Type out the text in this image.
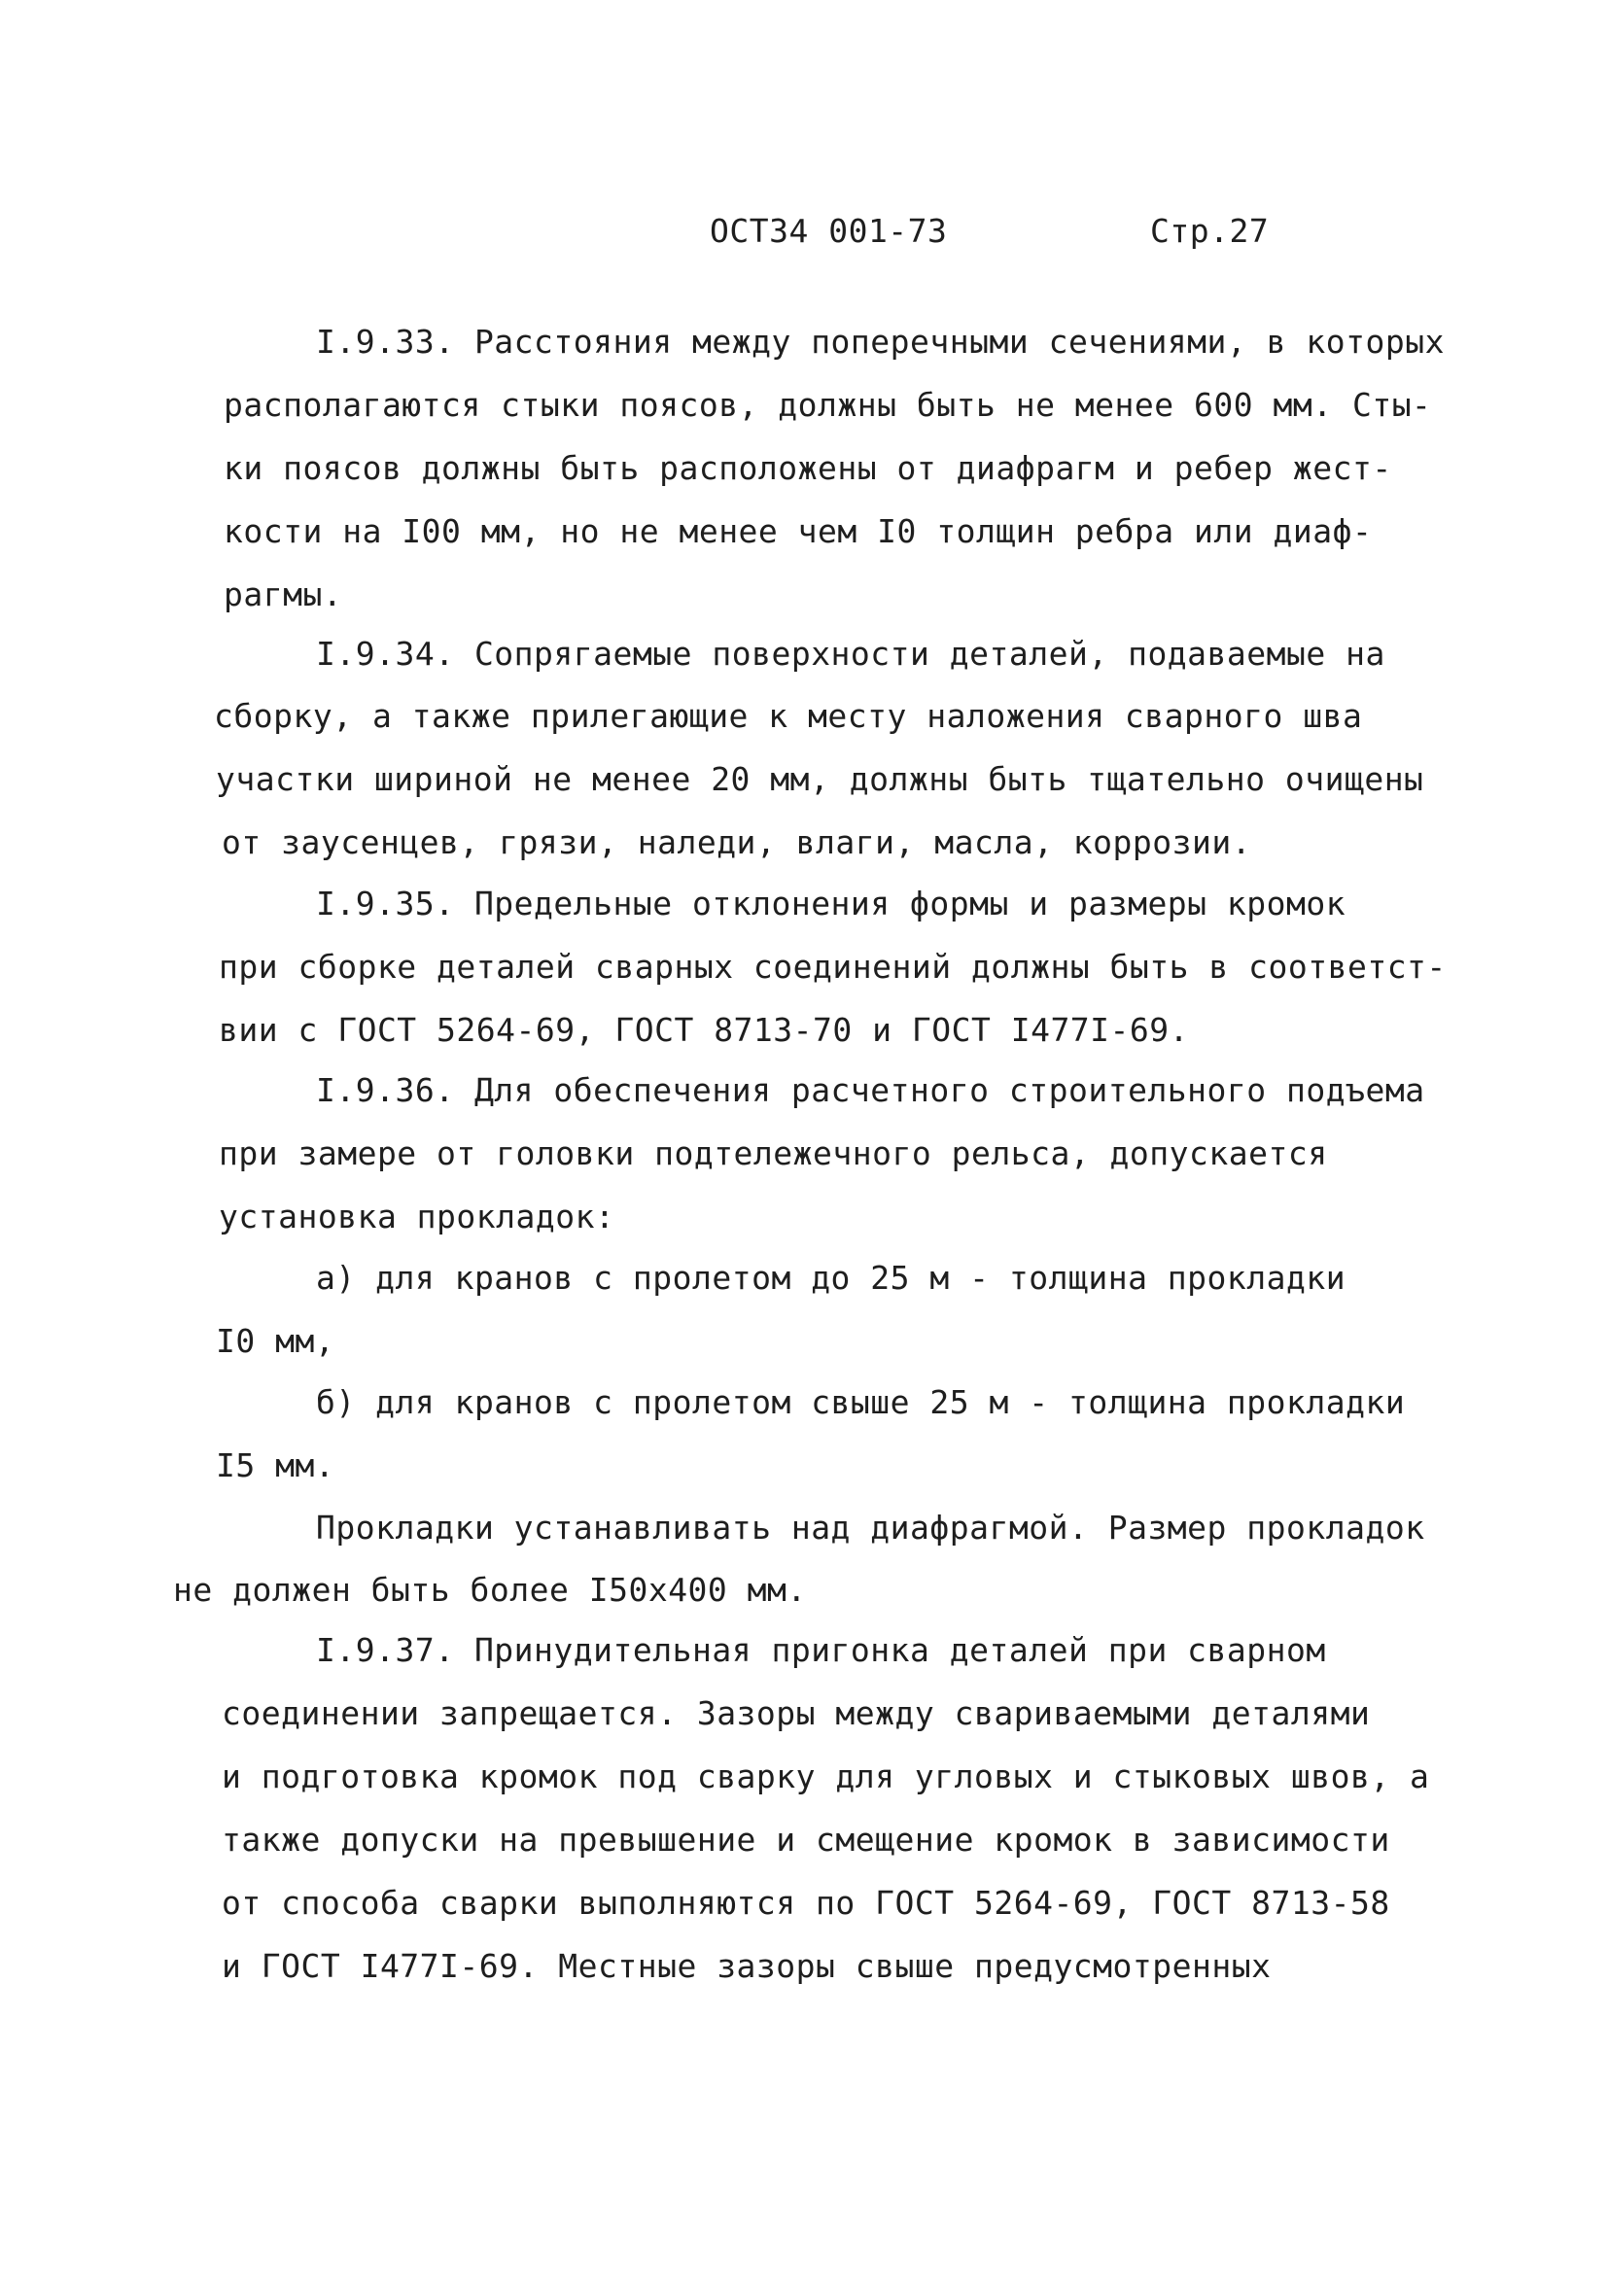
ОСТ34 001-73	Стр.27
I.9.33. Расстояния между поперечными сечениями, в которых
располагаются стыки поясов, должны быть не менее 600 мм. Сты-
ки поясов должны быть расположены от диафрагм и ребер жест-
кости на I00 мм, но не менее чем I0 толщин ребра или диаф-
рагмы.
I.9.34. Сопрягаемые поверхности деталей, подаваемые на
сборку, а также прилегающие к месту наложения сварного шва
участки шириной не менее 20 мм, должны быть тщательно очищены
от заусенцев, грязи, наледи, влаги, масла, коррозии.
I.9.35. Предельные отклонения формы и размеры кромок
при сборке деталей сварных соединений должны быть в соответст-
вии с ГОСТ 5264-69, ГОСТ 8713-70 и ГОСТ I477I-69.
I.9.36. Для обеспечения расчетного строительного подъема
при замере от головки подтележечного рельса, допускается
установка прокладок:
а) для кранов с пролетом до 25 м - толщина прокладки
I0 мм,
б) для кранов с пролетом свыше 25 м - толщина прокладки
I5 мм.
Прокладки устанавливать над диафрагмой. Размер прокладок
не должен быть более I50х400 мм.
I.9.37. Принудительная пригонка деталей при сварном
соединении запрещается. Зазоры между свариваемыми деталями
и подготовка кромок под сварку для угловых и стыковых швов, а
также допуски на превышение и смещение кромок в зависимости
от способа сварки выполняются по ГОСТ 5264-69, ГОСТ 8713-58
и ГОСТ I477I-69. Местные зазоры свыше предусмотренных
